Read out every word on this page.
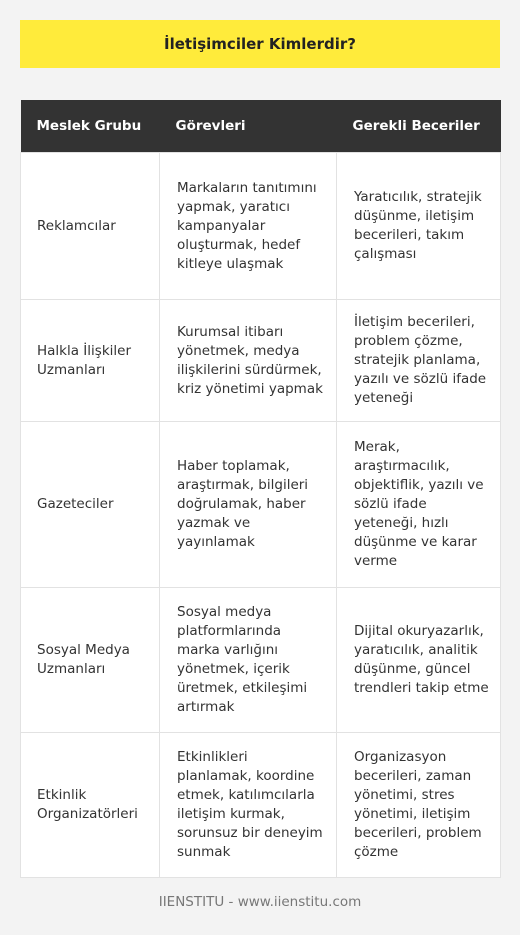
İletişimciler Kimlerdir?
Meslek Grubu	Görevleri	Gerekli Beceriler
Reklamcılar	Markaların tanıtımını yapmak, yaratıcı kampanyalar oluşturmak, hedef kitleye ulaşmak	Yaratıcılık, stratejik düşünme, iletişim becerileri, takım çalışması
Halkla İlişkiler Uzmanları	Kurumsal itibarı yönetmek, medya ilişkilerini sürdürmek, kriz yönetimi yapmak	İletişim becerileri, problem çözme, stratejik planlama, yazılı ve sözlü ifade yeteneği
Gazeteciler	Haber toplamak, araştırmak, bilgileri doğrulamak, haber yazmak ve yayınlamak	Merak, araştırmacılık, objektiflik, yazılı ve sözlü ifade yeteneği, hızlı düşünme ve karar verme
Sosyal Medya Uzmanları	Sosyal medya platformlarında marka varlığını yönetmek, içerik üretmek, etkileşimi artırmak	Dijital okuryazarlık, yaratıcılık, analitik düşünme, güncel trendleri takip etme
Etkinlik Organizatörleri	Etkinlikleri planlamak, koordine etmek, katılımcılarla iletişim kurmak, sorunsuz bir deneyim sunmak	Organizasyon becerileri, zaman yönetimi, stres yönetimi, iletişim becerileri, problem çözme
IIENSTITU - www.iienstitu.com
